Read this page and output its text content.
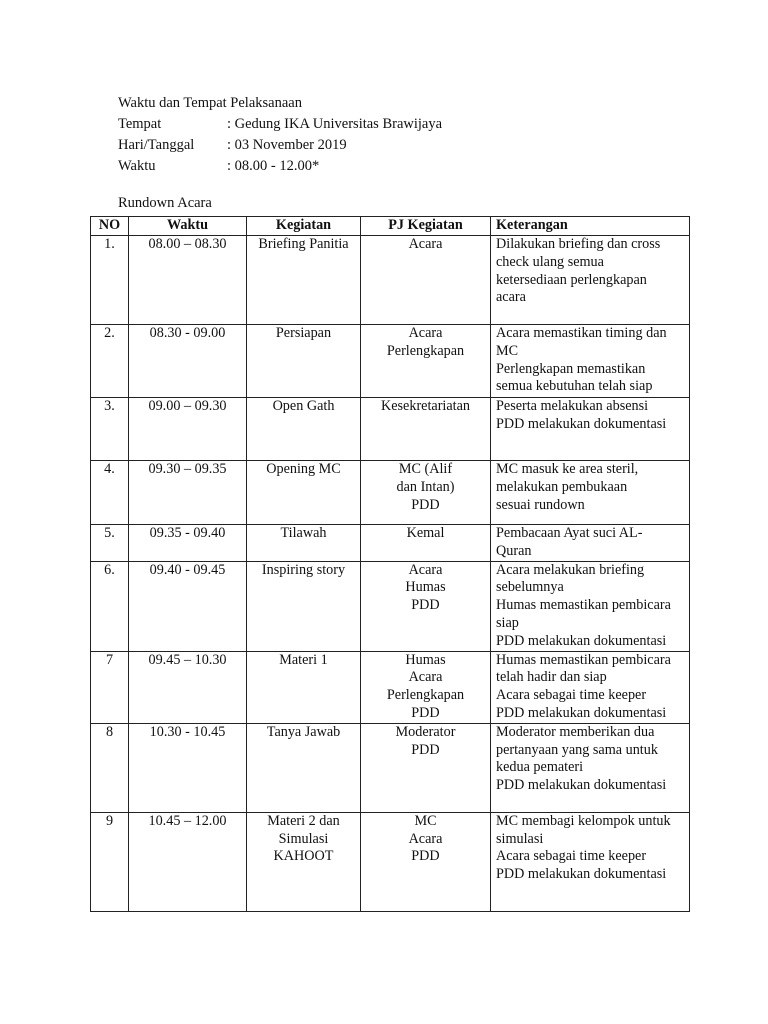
Waktu dan Tempat Pelaksanaan
Tempat	: Gedung IKA Universitas Brawijaya
Hari/Tanggal	: 03 November 2019
Waktu	: 08.00 - 12.00*
Rundown Acara
NO	Waktu	Kegiatan	PJ Kegiatan	Keterangan

1.	08.00 – 08.30	Briefing Panitia	Acara	Dilakukan briefing dan cross
check ulang semua
ketersediaan perlengkapan
acara

2.	08.30 - 09.00	Persiapan	Acara
Perlengkapan	Acara memastikan timing dan
MC
Perlengkapan memastikan
semua kebutuhan telah siap

3.	09.00 – 09.30	Open Gath	Kesekretariatan	Peserta melakukan absensi
PDD melakukan dokumentasi

4.	09.30 – 09.35	Opening MC	MC (Alif
dan Intan)
PDD	MC masuk ke area steril,
melakukan pembukaan
sesuai rundown

5.	09.35 - 09.40	Tilawah	Kemal	Pembacaan Ayat suci AL-
Quran

6.	09.40 - 09.45	Inspiring story	Acara
Humas
PDD	Acara melakukan briefing
sebelumnya
Humas memastikan pembicara
siap
PDD melakukan dokumentasi

7	09.45 – 10.30	Materi 1	Humas
Acara
Perlengkapan
PDD	Humas memastikan pembicara
telah hadir dan siap
Acara sebagai time keeper
PDD melakukan dokumentasi

8	10.30 - 10.45	Tanya Jawab	Moderator
PDD	Moderator memberikan dua
pertanyaan yang sama untuk
kedua pemateri
PDD melakukan dokumentasi

9	10.45 – 12.00	Materi 2 dan
Simulasi
KAHOOT	MC
Acara
PDD	MC membagi kelompok untuk
simulasi
Acara sebagai time keeper
PDD melakukan dokumentasi
